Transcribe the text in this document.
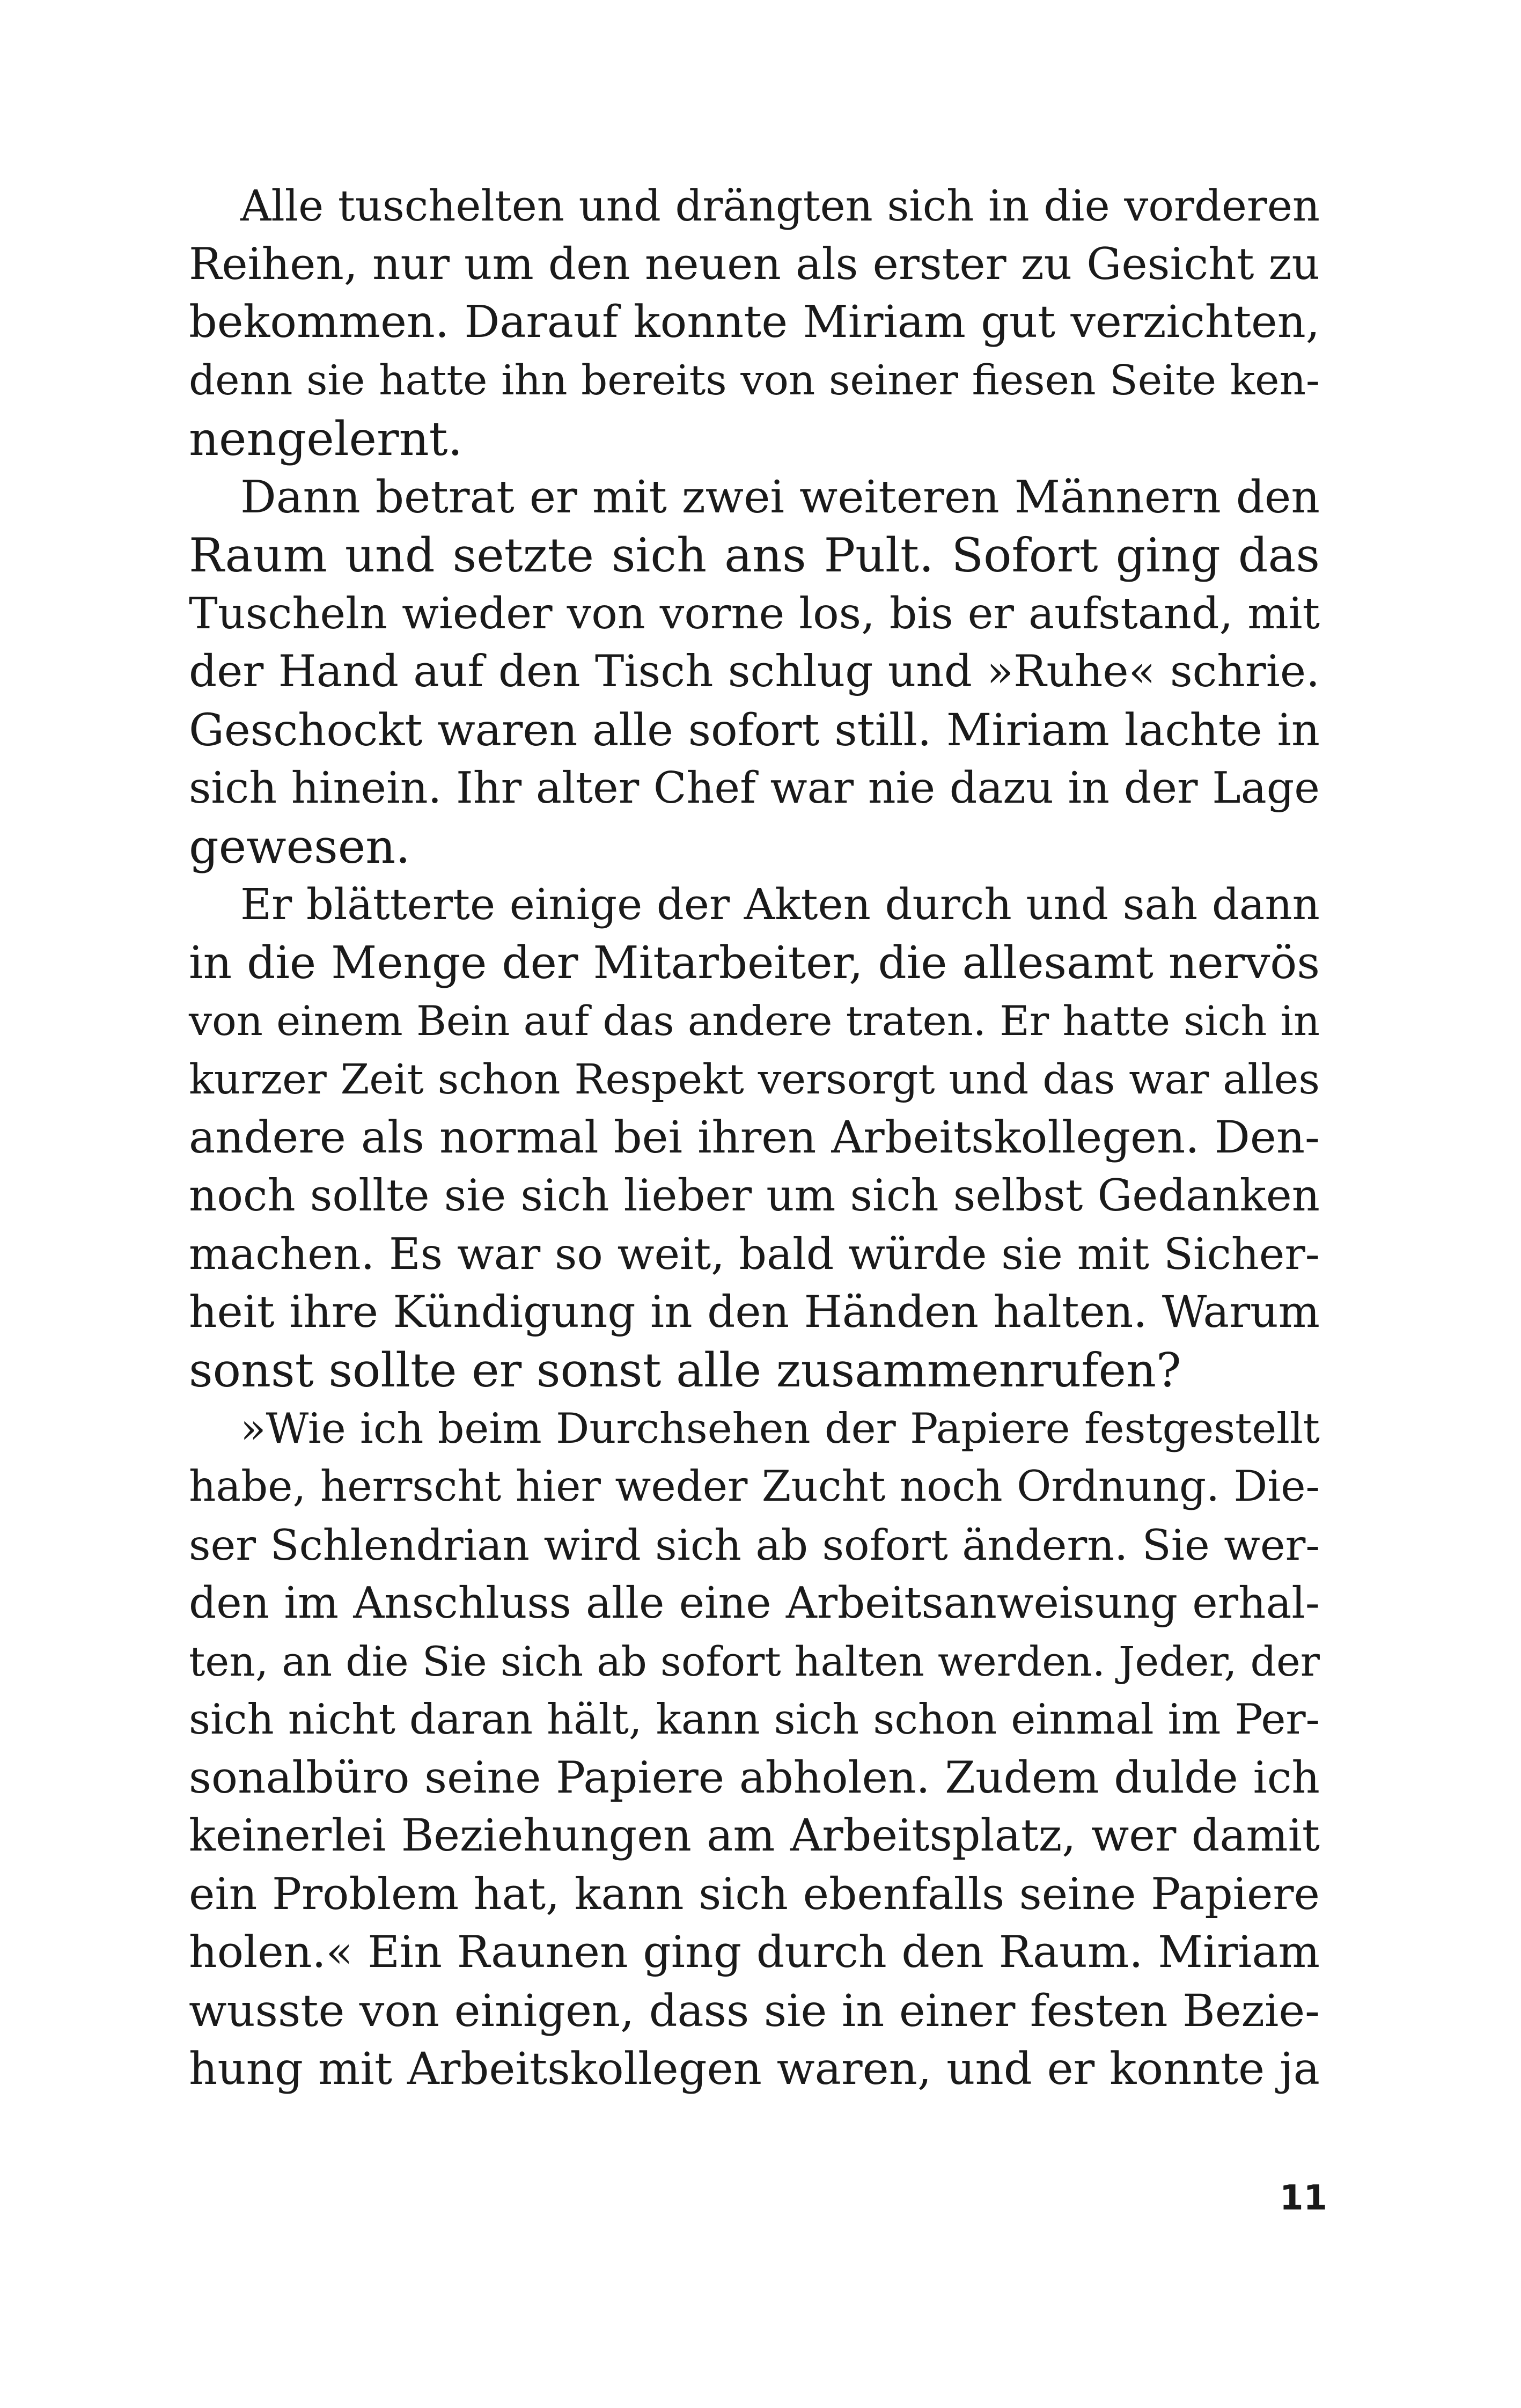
Alle tuschelten und drängten sich in die vorderen
Reihen, nur um den neuen als erster zu Gesicht zu
bekommen. Darauf konnte Miriam gut verzichten,
denn sie hatte ihn bereits von seiner fiesen Seite ken-
nengelernt.
Dann betrat er mit zwei weiteren Männern den
Raum und setzte sich ans Pult. Sofort ging das
Tuscheln wieder von vorne los, bis er aufstand, mit
der Hand auf den Tisch schlug und »Ruhe« schrie.
Geschockt waren alle sofort still. Miriam lachte in
sich hinein. Ihr alter Chef war nie dazu in der Lage
gewesen.
Er blätterte einige der Akten durch und sah dann
in die Menge der Mitarbeiter, die allesamt nervös
von einem Bein auf das andere traten. Er hatte sich in
kurzer Zeit schon Respekt versorgt und das war alles
andere als normal bei ihren Arbeitskollegen. Den-
noch sollte sie sich lieber um sich selbst Gedanken
machen. Es war so weit, bald würde sie mit Sicher-
heit ihre Kündigung in den Händen halten. Warum
sonst sollte er sonst alle zusammenrufen?
»Wie ich beim Durchsehen der Papiere festgestellt
habe, herrscht hier weder Zucht noch Ordnung. Die-
ser Schlendrian wird sich ab sofort ändern. Sie wer-
den im Anschluss alle eine Arbeitsanweisung erhal-
ten, an die Sie sich ab sofort halten werden. Jeder, der
sich nicht daran hält, kann sich schon einmal im Per-
sonalbüro seine Papiere abholen. Zudem dulde ich
keinerlei Beziehungen am Arbeitsplatz, wer damit
ein Problem hat, kann sich ebenfalls seine Papiere
holen.« Ein Raunen ging durch den Raum. Miriam
wusste von einigen, dass sie in einer festen Bezie-
hung mit Arbeitskollegen waren, und er konnte ja
11
